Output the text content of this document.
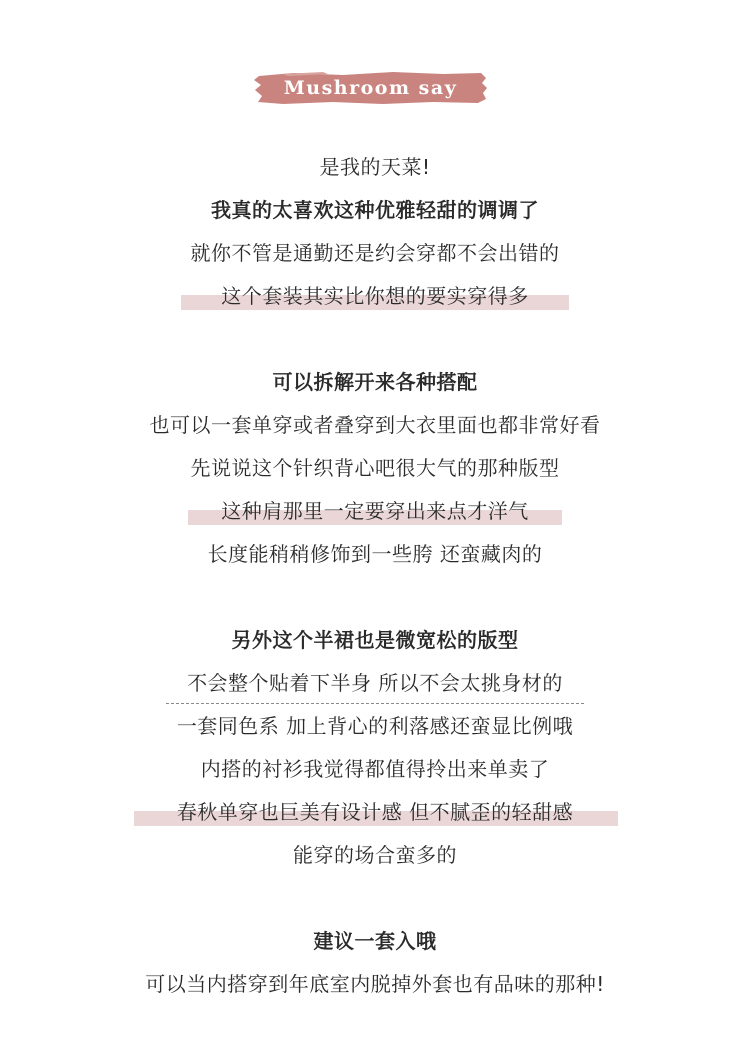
Mushroom say
是我的天菜!
我真的太喜欢这种优雅轻甜的调调了
就你不管是通勤还是约会穿都不会出错的
这个套装其实比你想的要实穿得多
可以拆解开来各种搭配
也可以一套单穿或者叠穿到大衣里面也都非常好看
先说说这个针织背心吧很大气的那种版型
这种肩那里一定要穿出来点才洋气
长度能稍稍修饰到一些胯 还蛮藏肉的
另外这个半裙也是微宽松的版型
不会整个贴着下半身 所以不会太挑身材的
一套同色系 加上背心的利落感还蛮显比例哦
内搭的衬衫我觉得都值得拎出来单卖了
春秋单穿也巨美有设计感 但不腻歪的轻甜感
能穿的场合蛮多的
建议一套入哦
可以当内搭穿到年底室内脱掉外套也有品味的那种!
